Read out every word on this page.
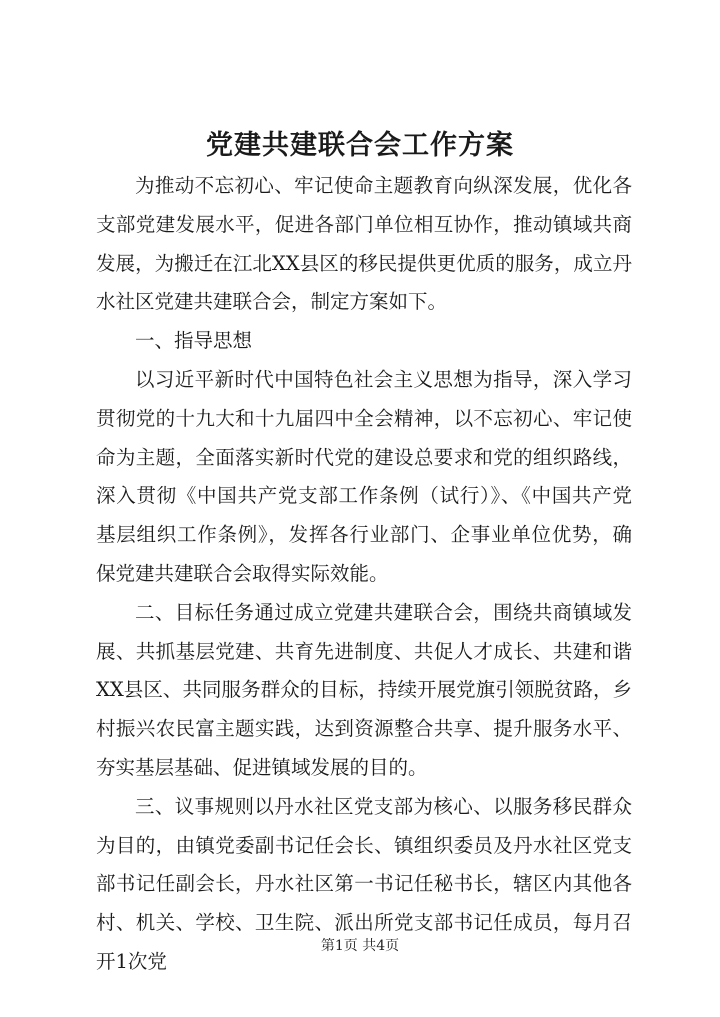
党建共建联合会工作方案

为推动不忘初心、牢记使命主题教育向纵深发展，优化各支部党建发展水平，促进各部门单位相互协作，推动镇域共商发展，为搬迁在江北XX县区的移民提供更优质的服务，成立丹水社区党建共建联合会，制定方案如下。

一、指导思想

以习近平新时代中国特色社会主义思想为指导，深入学习贯彻党的十九大和十九届四中全会精神，以不忘初心、牢记使命为主题，全面落实新时代党的建设总要求和党的组织路线，深入贯彻《中国共产党支部工作条例（试行）》、《中国共产党基层组织工作条例》，发挥各行业部门、企事业单位优势，确保党建共建联合会取得实际效能。

二、目标任务通过成立党建共建联合会，围绕共商镇域发展、共抓基层党建、共育先进制度、共促人才成长、共建和谐XX县区、共同服务群众的目标，持续开展党旗引领脱贫路，乡村振兴农民富主题实践，达到资源整合共享、提升服务水平、夯实基层基础、促进镇域发展的目的。

三、议事规则以丹水社区党支部为核心、以服务移民群众为目的，由镇党委副书记任会长、镇组织委员及丹水社区党支部书记任副会长，丹水社区第一书记任秘书长，辖区内其他各村、机关、学校、卫生院、派出所党支部书记任成员，每月召开1次党

第1页 共4页
